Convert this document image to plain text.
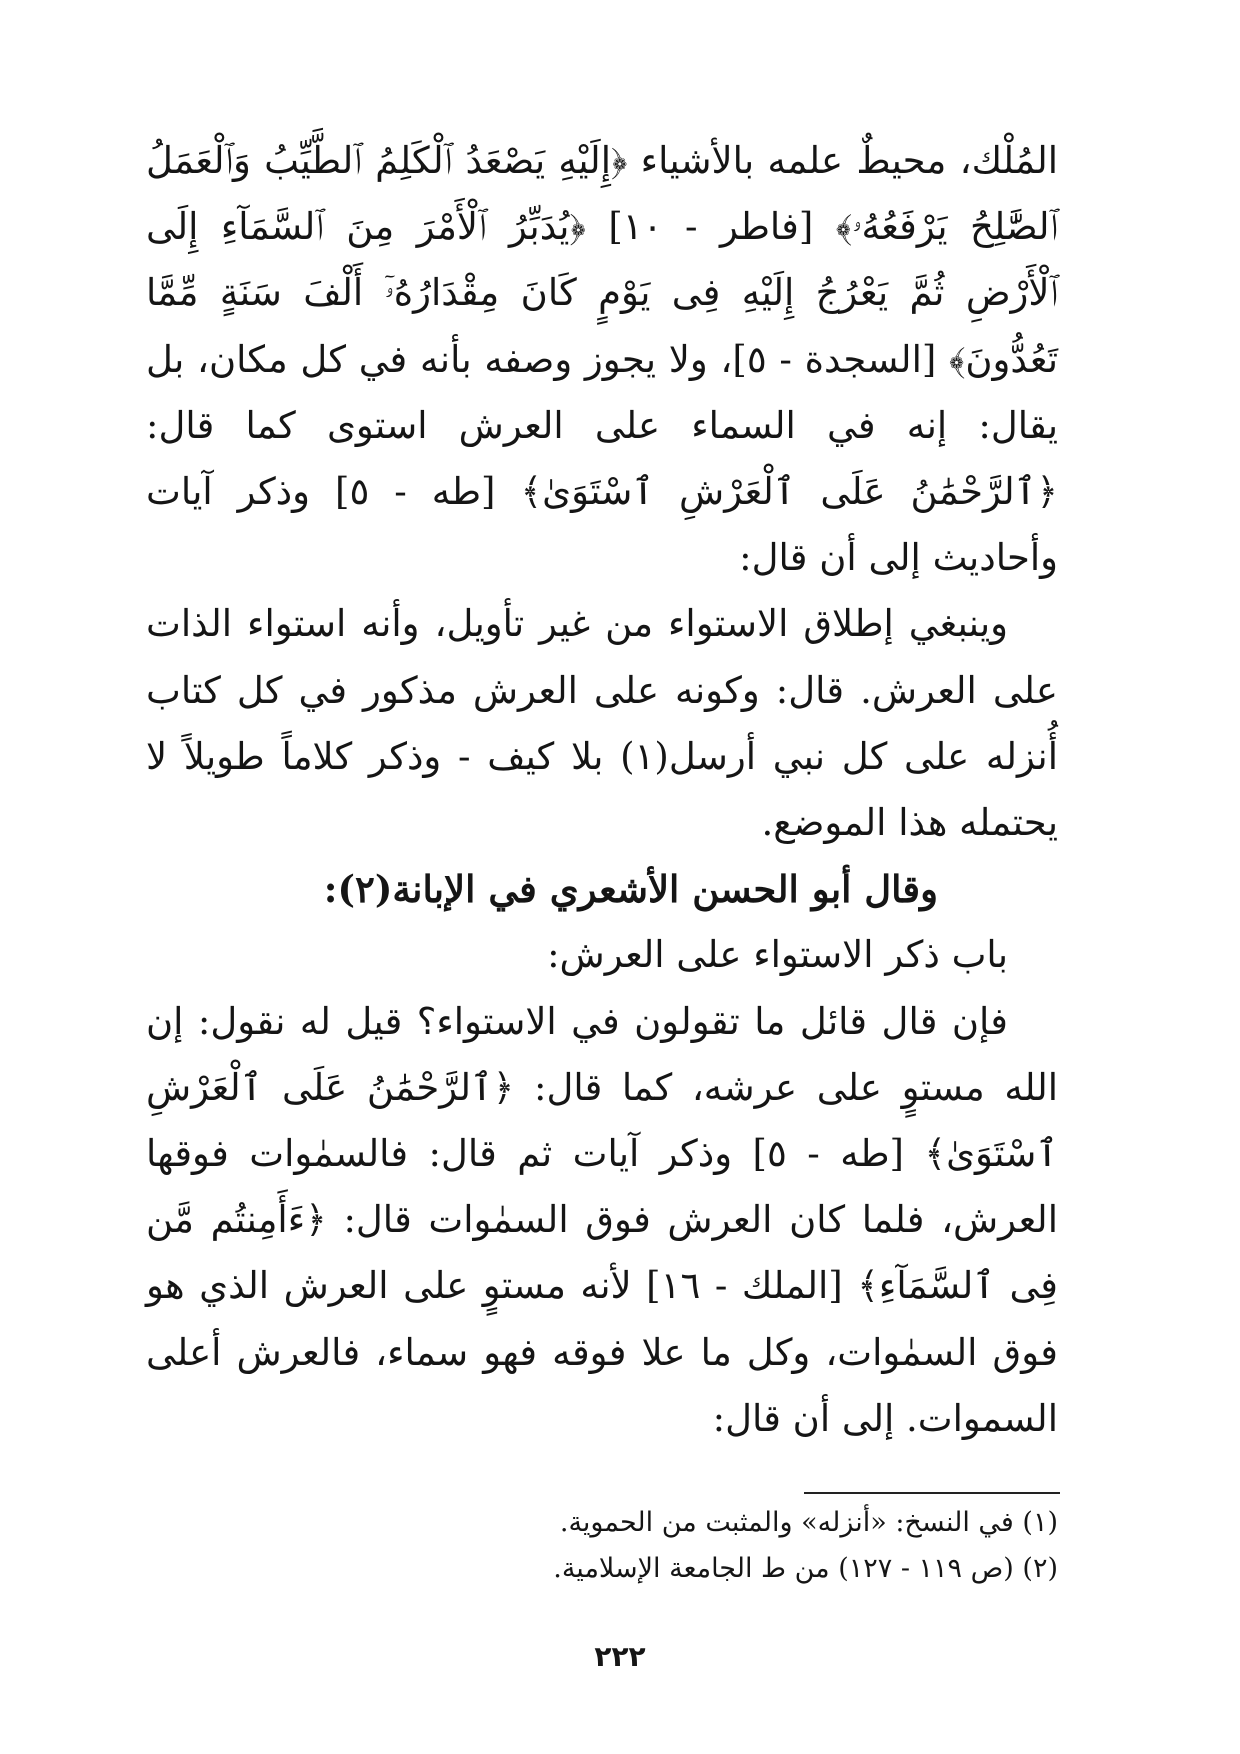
المُلْك، محيطٌ علمه بالأشياء ﴿إِلَيْهِ يَصْعَدُ ٱلْكَلِمُ ٱلطَّيِّبُ وَٱلْعَمَلُ ٱلصَّٰلِحُ يَرْفَعُهُۥ﴾ [فاطر - ١٠] ﴿يُدَبِّرُ ٱلْأَمْرَ مِنَ ٱلسَّمَآءِ إِلَى ٱلْأَرْضِ ثُمَّ يَعْرُجُ إِلَيْهِ فِى يَوْمٍ كَانَ مِقْدَارُهُۥٓ أَلْفَ سَنَةٍ مِّمَّا تَعُدُّونَ﴾ [السجدة - ٥]، ولا يجوز وصفه بأنه في كل مكان، بل يقال: إنه في السماء على العرش استوى كما قال: ﴿ٱلرَّحْمَٰنُ عَلَى ٱلْعَرْشِ ٱسْتَوَىٰ﴾ [طه - ٥] وذكر آيات وأحاديث إلى أن قال:

وينبغي إطلاق الاستواء من غير تأويل، وأنه استواء الذات على العرش. قال: وكونه على العرش مذكور في كل كتاب أُنزله على كل نبي أرسل(١) بلا كيف - وذكر كلاماً طويلاً لا يحتمله هذا الموضع.

وقال أبو الحسن الأشعري في الإبانة(٢):

باب ذكر الاستواء على العرش:

فإن قال قائل ما تقولون في الاستواء؟ قيل له نقول: إن الله مستوٍ على عرشه، كما قال: ﴿ٱلرَّحْمَٰنُ عَلَى ٱلْعَرْشِ ٱسْتَوَىٰ﴾ [طه - ٥] وذكر آيات ثم قال: فالسمٰوات فوقها العرش، فلما كان العرش فوق السمٰوات قال: ﴿ءَأَمِنتُم مَّن فِى ٱلسَّمَآءِ﴾ [الملك - ١٦] لأنه مستوٍ على العرش الذي هو فوق السمٰوات، وكل ما علا فوقه فهو سماء، فالعرش أعلى السموات. إلى أن قال:

(١) في النسخ: «أنزله» والمثبت من الحموية.

(٢) (ص ١١٩ - ١٢٧) من ط الجامعة الإسلامية.

٢٢٢
